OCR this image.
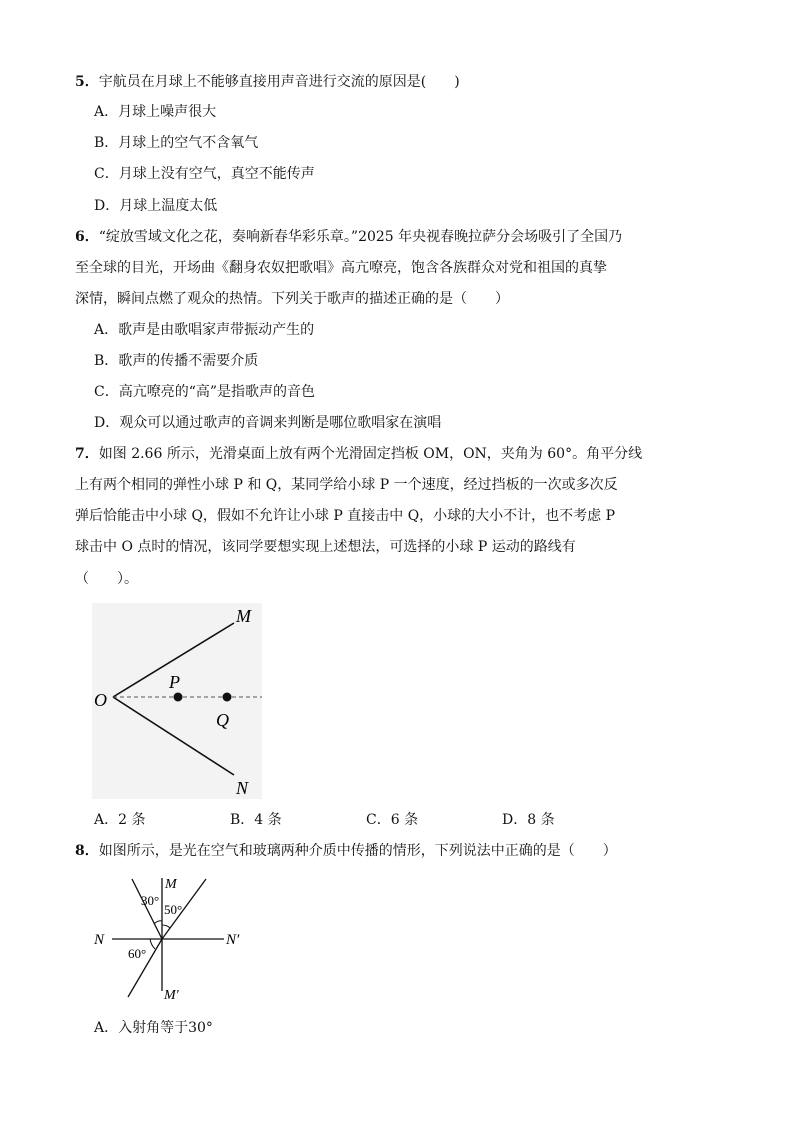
5．宇航员在月球上不能够直接用声音进行交流的原因是(　　)
A．月球上噪声很大
B．月球上的空气不含氧气
C．月球上没有空气，真空不能传声
D．月球上温度太低
6．“绽放雪域文化之花，奏响新春华彩乐章。”2025 年央视春晚拉萨分会场吸引了全国乃
至全球的目光，开场曲《翻身农奴把歌唱》高亢嘹亮，饱含各族群众对党和祖国的真挚
深情，瞬间点燃了观众的热情。下列关于歌声的描述正确的是（　　）
A．歌声是由歌唱家声带振动产生的
B．歌声的传播不需要介质
C．高亢嘹亮的“高”是指歌声的音色
D．观众可以通过歌声的音调来判断是哪位歌唱家在演唱
7．如图 2.66 所示，光滑桌面上放有两个光滑固定挡板 OM，ON，夹角为 60°。角平分线
上有两个相同的弹性小球 P 和 Q，某同学给小球 P 一个速度，经过挡板的一次或多次反
弹后恰能击中小球 Q，假如不允许让小球 P 直接击中 Q，小球的大小不计，也不考虑 P
球击中 O 点时的情况，该同学要想实现上述想法，可选择的小球 P 运动的路线有
（　　）。
O
M
N
P
Q
A．2 条	B．4 条	C．6 条	D．8 条
8．如图所示，是光在空气和玻璃两种介质中传播的情形，下列说法中正确的是（　　）
N	N′
M
M′
30°
50°
60°
A．入射角等于30°
